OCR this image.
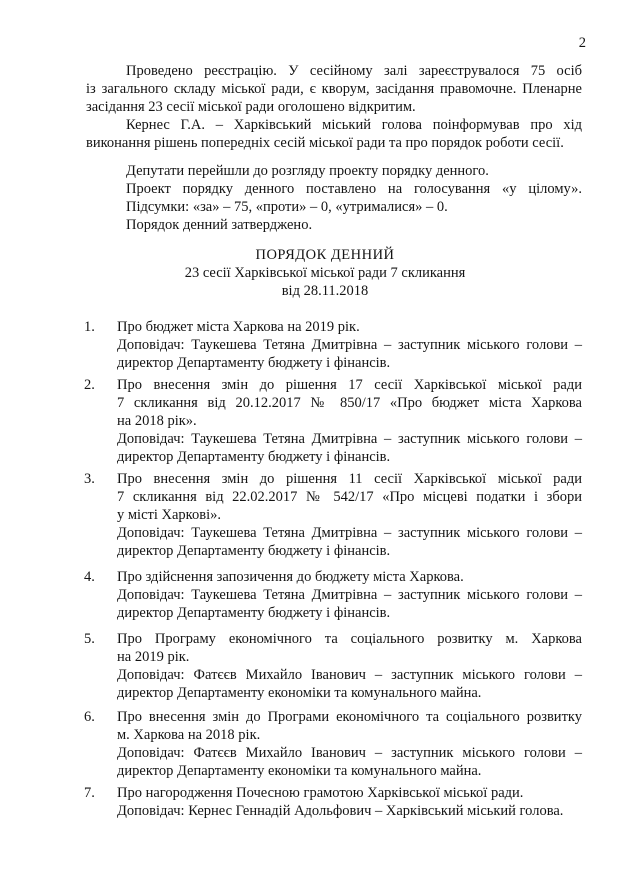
2
Проведено реєстрацію. У сесійному залі зареєструвалося 75 осіб
із загального складу міської ради, є кворум, засідання правомочне. Пленарне
засідання 23 сесії міської ради оголошено відкритим.
Кернес Г.А. – Харківський міський голова поінформував про хід
виконання рішень попередніх сесій міської ради та про порядок роботи сесії.
Депутати перейшли до розгляду проекту порядку денного.
Проект порядку денного поставлено на голосування «у цілому».
Підсумки: «за» – 75, «проти» – 0, «утрималися» – 0.
Порядок денний затверджено.
ПОРЯДОК ДЕННИЙ
23 сесії Харківської міської ради 7 скликання
від 28.11.2018
1.	Про бюджет міста Харкова на 2019 рік.
Доповідач: Таукешева Тетяна Дмитрівна – заступник міського голови –
директор Департаменту бюджету і фінансів.
2.	Про внесення змін до рішення 17 сесії Харківської міської ради
7 скликання від 20.12.2017 № 850/17 «Про бюджет міста Харкова
на 2018 рік».
Доповідач: Таукешева Тетяна Дмитрівна – заступник міського голови –
директор Департаменту бюджету і фінансів.
3.	Про внесення змін до рішення 11 сесії Харківської міської ради
7 скликання від 22.02.2017 № 542/17 «Про місцеві податки і збори
у місті Харкові».
Доповідач: Таукешева Тетяна Дмитрівна – заступник міського голови –
директор Департаменту бюджету і фінансів.
4.	Про здійснення запозичення до бюджету міста Харкова.
Доповідач: Таукешева Тетяна Дмитрівна – заступник міського голови –
директор Департаменту бюджету і фінансів.
5.	Про Програму економічного та соціального розвитку м. Харкова
на 2019 рік.
Доповідач: Фатєєв Михайло Іванович – заступник міського голови –
директор Департаменту економіки та комунального майна.
6.	Про внесення змін до Програми економічного та соціального розвитку
м. Харкова на 2018 рік.
Доповідач: Фатєєв Михайло Іванович – заступник міського голови –
директор Департаменту економіки та комунального майна.
7.	Про нагородження Почесною грамотою Харківської міської ради.
Доповідач: Кернес Геннадій Адольфович – Харківський міський голова.
